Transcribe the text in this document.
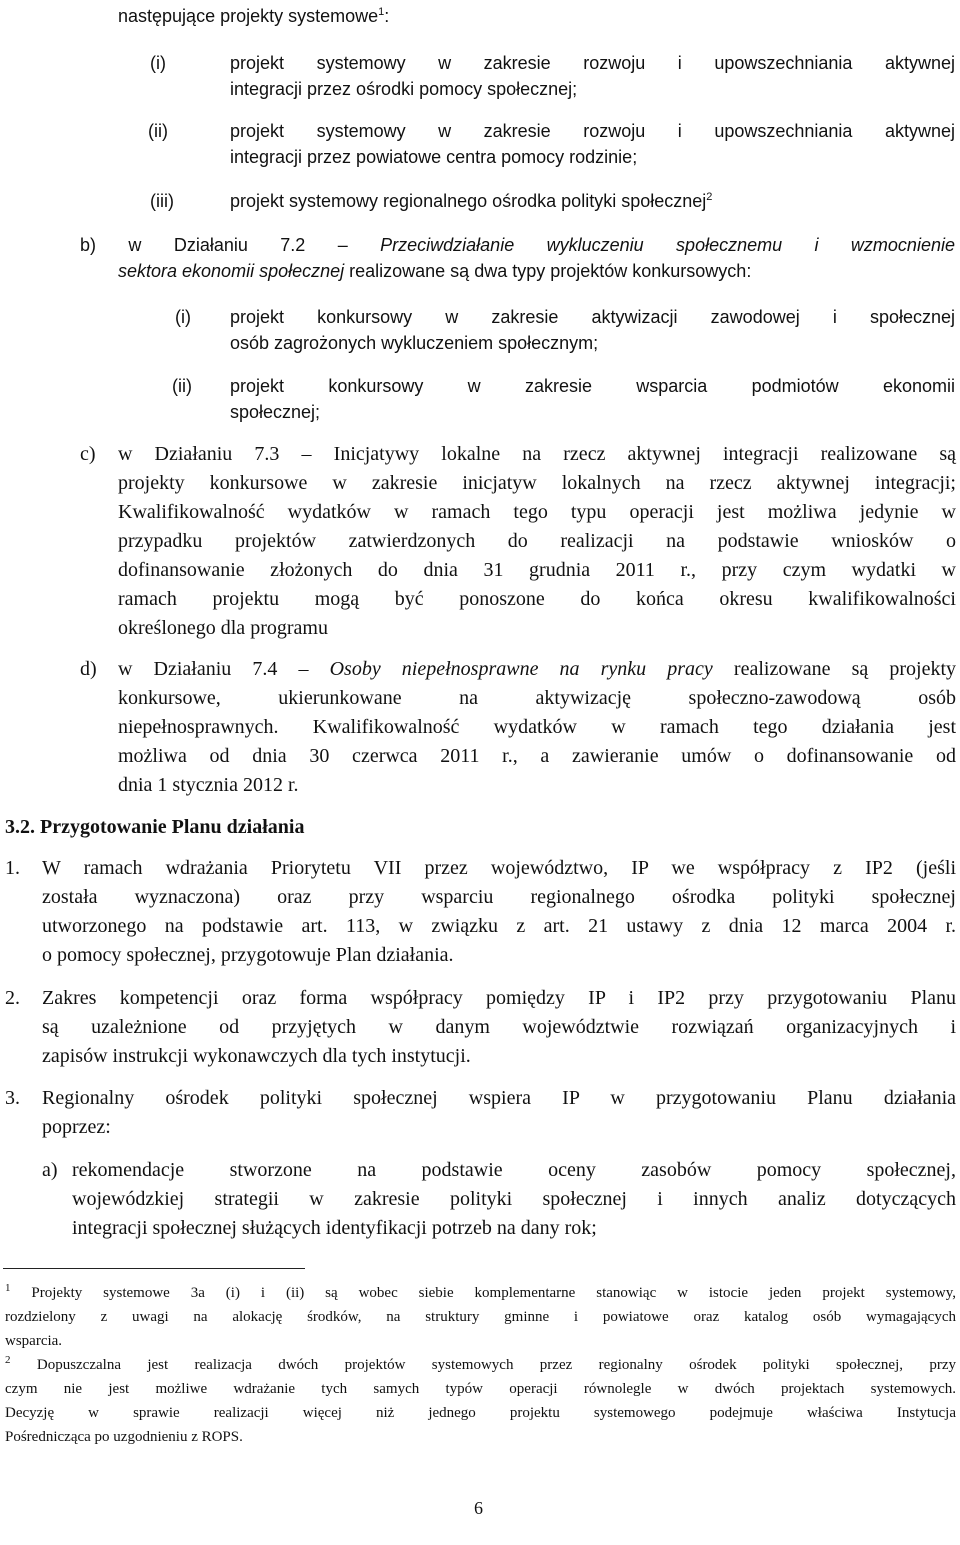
następujące projekty systemowe$^1$:
(i)	projekt systemowy w zakresie rozwoju i upowszechniania aktywnej
integracji przez ośrodki pomocy społecznej;
(ii)	projekt systemowy w zakresie rozwoju i upowszechniania aktywnej
integracji przez powiatowe centra pomocy rodzinie;
(iii)	projekt systemowy regionalnego ośrodka polityki społecznej$^2$
b) w Działaniu 7.2 – Przeciwdziałanie wykluczeniu społecznemu i wzmocnienie
sektora ekonomii społecznej realizowane są dwa typy projektów konkursowych:
(i) projekt konkursowy w zakresie aktywizacji zawodowej i społecznej
osób zagrożonych wykluczeniem społecznym;
(ii) projekt konkursowy w zakresie wsparcia podmiotów ekonomii
społecznej;
c) w Działaniu 7.3 – Inicjatywy lokalne na rzecz aktywnej integracji realizowane są
projekty konkursowe w zakresie inicjatyw lokalnych na rzecz aktywnej integracji;
Kwalifikowalność wydatków w ramach tego typu operacji jest możliwa jedynie w
przypadku projektów zatwierdzonych do realizacji na podstawie wniosków o
dofinansowanie złożonych do dnia 31 grudnia 2011 r., przy czym wydatki w
ramach projektu mogą być ponoszone do końca okresu kwalifikowalności
określonego dla programu
d) w Działaniu 7.4 – Osoby niepełnosprawne na rynku pracy realizowane są projekty
konkursowe, ukierunkowane na aktywizację społeczno-zawodową osób
niepełnosprawnych. Kwalifikowalność wydatków w ramach tego działania jest
możliwa od dnia 30 czerwca 2011 r., a zawieranie umów o dofinansowanie od
dnia 1 stycznia 2012 r.
3.2. Przygotowanie Planu działania
1. W ramach wdrażania Priorytetu VII przez województwo, IP we współpracy z IP2 (jeśli
została wyznaczona) oraz przy wsparciu regionalnego ośrodka polityki społecznej
utworzonego na podstawie art. 113, w związku z art. 21 ustawy z dnia 12 marca 2004 r.
o pomocy społecznej, przygotowuje Plan działania.
2. Zakres kompetencji oraz forma współpracy pomiędzy IP i IP2 przy przygotowaniu Planu
są uzależnione od przyjętych w danym województwie rozwiązań organizacyjnych i
zapisów instrukcji wykonawczych dla tych instytucji.
3. Regionalny ośrodek polityki społecznej wspiera IP w przygotowaniu Planu działania
poprzez:
a) rekomendacje stworzone na podstawie oceny zasobów pomocy społecznej,
wojewódzkiej strategii w zakresie polityki społecznej i innych analiz dotyczących
integracji społecznej służących identyfikacji potrzeb na dany rok;
$^1$ Projekty systemowe 3a (i) i (ii) są wobec siebie komplementarne stanowiąc w istocie jeden projekt systemowy,
rozdzielony z uwagi na alokację środków, na struktury gminne i powiatowe oraz katalog osób wymagających
wsparcia.
$^2$ Dopuszczalna jest realizacja dwóch projektów systemowych przez regionalny ośrodek polityki społecznej, przy
czym nie jest możliwe wdrażanie tych samych typów operacji równolegle w dwóch projektach systemowych.
Decyzję w sprawie realizacji więcej niż jednego projektu systemowego podejmuje właściwa Instytucja
Pośrednicząca po uzgodnieniu z ROPS.
6
